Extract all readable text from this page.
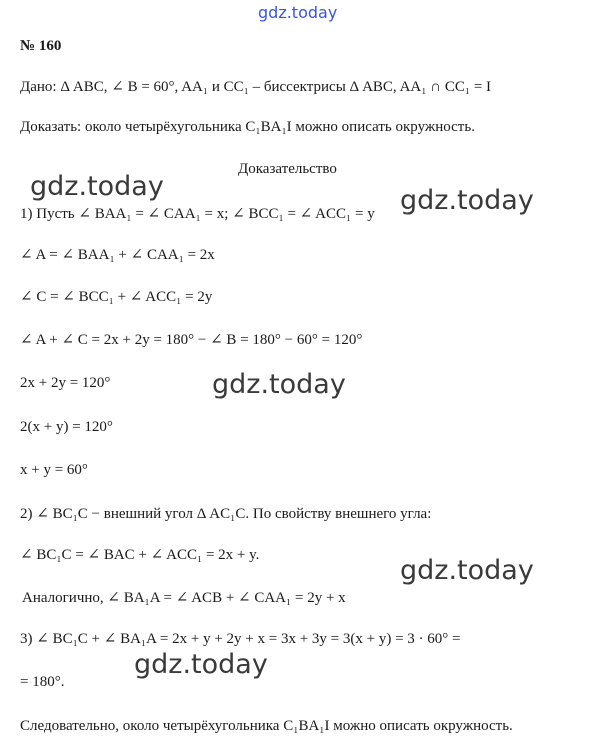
gdz.today
№ 160
Дано: Δ ABC, ∠ B = 60°, AA₁ и CC₁ – биссектрисы Δ ABC, AA₁ ∩ CC₁ = I
Доказать: около четырёхугольника C₁BA₁I можно описать окружность.
Доказательство
gdz.today	gdz.today
1) Пусть ∠ BAA₁ = ∠ CAA₁ = x; ∠ BCC₁ = ∠ ACC₁ = y
∠ A = ∠ BAA₁ + ∠ CAA₁ = 2x
∠ C = ∠ BCC₁ + ∠ ACC₁ = 2y
∠ A + ∠ C = 2x + 2y = 180° − ∠ B = 180° − 60° = 120°
gdz.today
2x + 2y = 120°
2(x + y) = 120°
x + y = 60°
2) ∠ BC₁C − внешний угол Δ AC₁C. По свойству внешнего угла:
∠ BC₁C = ∠ BAC + ∠ ACC₁ = 2x + y.	gdz.today
Аналогично, ∠ BA₁A = ∠ ACB + ∠ CAA₁ = 2y + x
3) ∠ BC₁C + ∠ BA₁A = 2x + y + 2y + x = 3x + 3y = 3(x + y) = 3 · 60° =
gdz.today
= 180°.
Следовательно, около четырёхугольника C₁BA₁I можно описать окружность.
